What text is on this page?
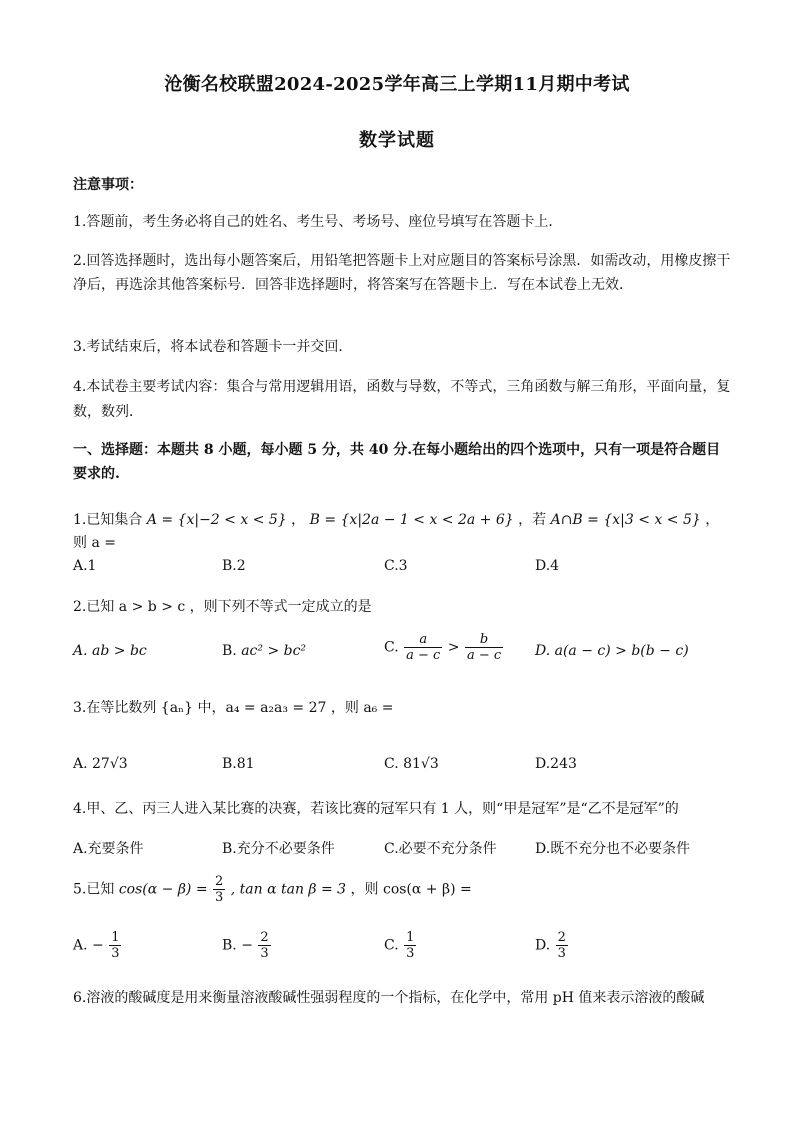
沧衡名校联盟2024-2025学年高三上学期11月期中考试
数学试题
注意事项：
1.答题前，考生务必将自己的姓名、考生号、考场号、座位号填写在答题卡上．
2.回答选择题时，选出每小题答案后，用铅笔把答题卡上对应题目的答案标号涂黑．如需改动，用橡皮擦干净后，再选涂其他答案标号．回答非选择题时，将答案写在答题卡上．写在本试卷上无效．
3.考试结束后，将本试卷和答题卡一并交回．
4.本试卷主要考试内容：集合与常用逻辑用语，函数与导数，不等式，三角函数与解三角形，平面向量，复数，数列．
一、选择题：本题共 8 小题，每小题 5 分，共 40 分.在每小题给出的四个选项中，只有一项是符合题目要求的.
1.已知集合 A = {x|−2 < x < 5} ， B = {x|2a − 1 < x < 2a + 6} ，若 A∩B = {x|3 < x < 5} ，则 a =
A.1	B.2	C.3	D.4
2.已知 a > b > c ，则下列不等式一定成立的是
A. ab > bc	B. ac² > bc²	C. $\frac{a}{a - c} > \frac{b}{a - c} D$. a(a − c) > b(b − c)
3.在等比数列 {aₙ} 中，a₄ = a₂a₃ = 27 ，则 a₆ =
A. 27√3	B.81	C. 81√3	D.243
4.甲、乙、丙三人进入某比赛的决赛，若该比赛的冠军只有 1 人，则“甲是冠军”是“乙不是冠军”的
A.充要条件	B.充分不必要条件	C.必要不充分条件	D.既不充分也不必要条件
5.已知 $\cos(\alpha - \beta) = \frac{2}{3}$ , tan α tan β = 3 ，则 cos(α + β) =
A. − $\frac{1}{3}$	B. − $\frac{2}{3}$	C. $\frac{1}{3}$	D. $\frac{2}{3}$
6.溶液的酸碱度是用来衡量溶液酸碱性强弱程度的一个指标，在化学中，常用 pH 值来表示溶液的酸碱
